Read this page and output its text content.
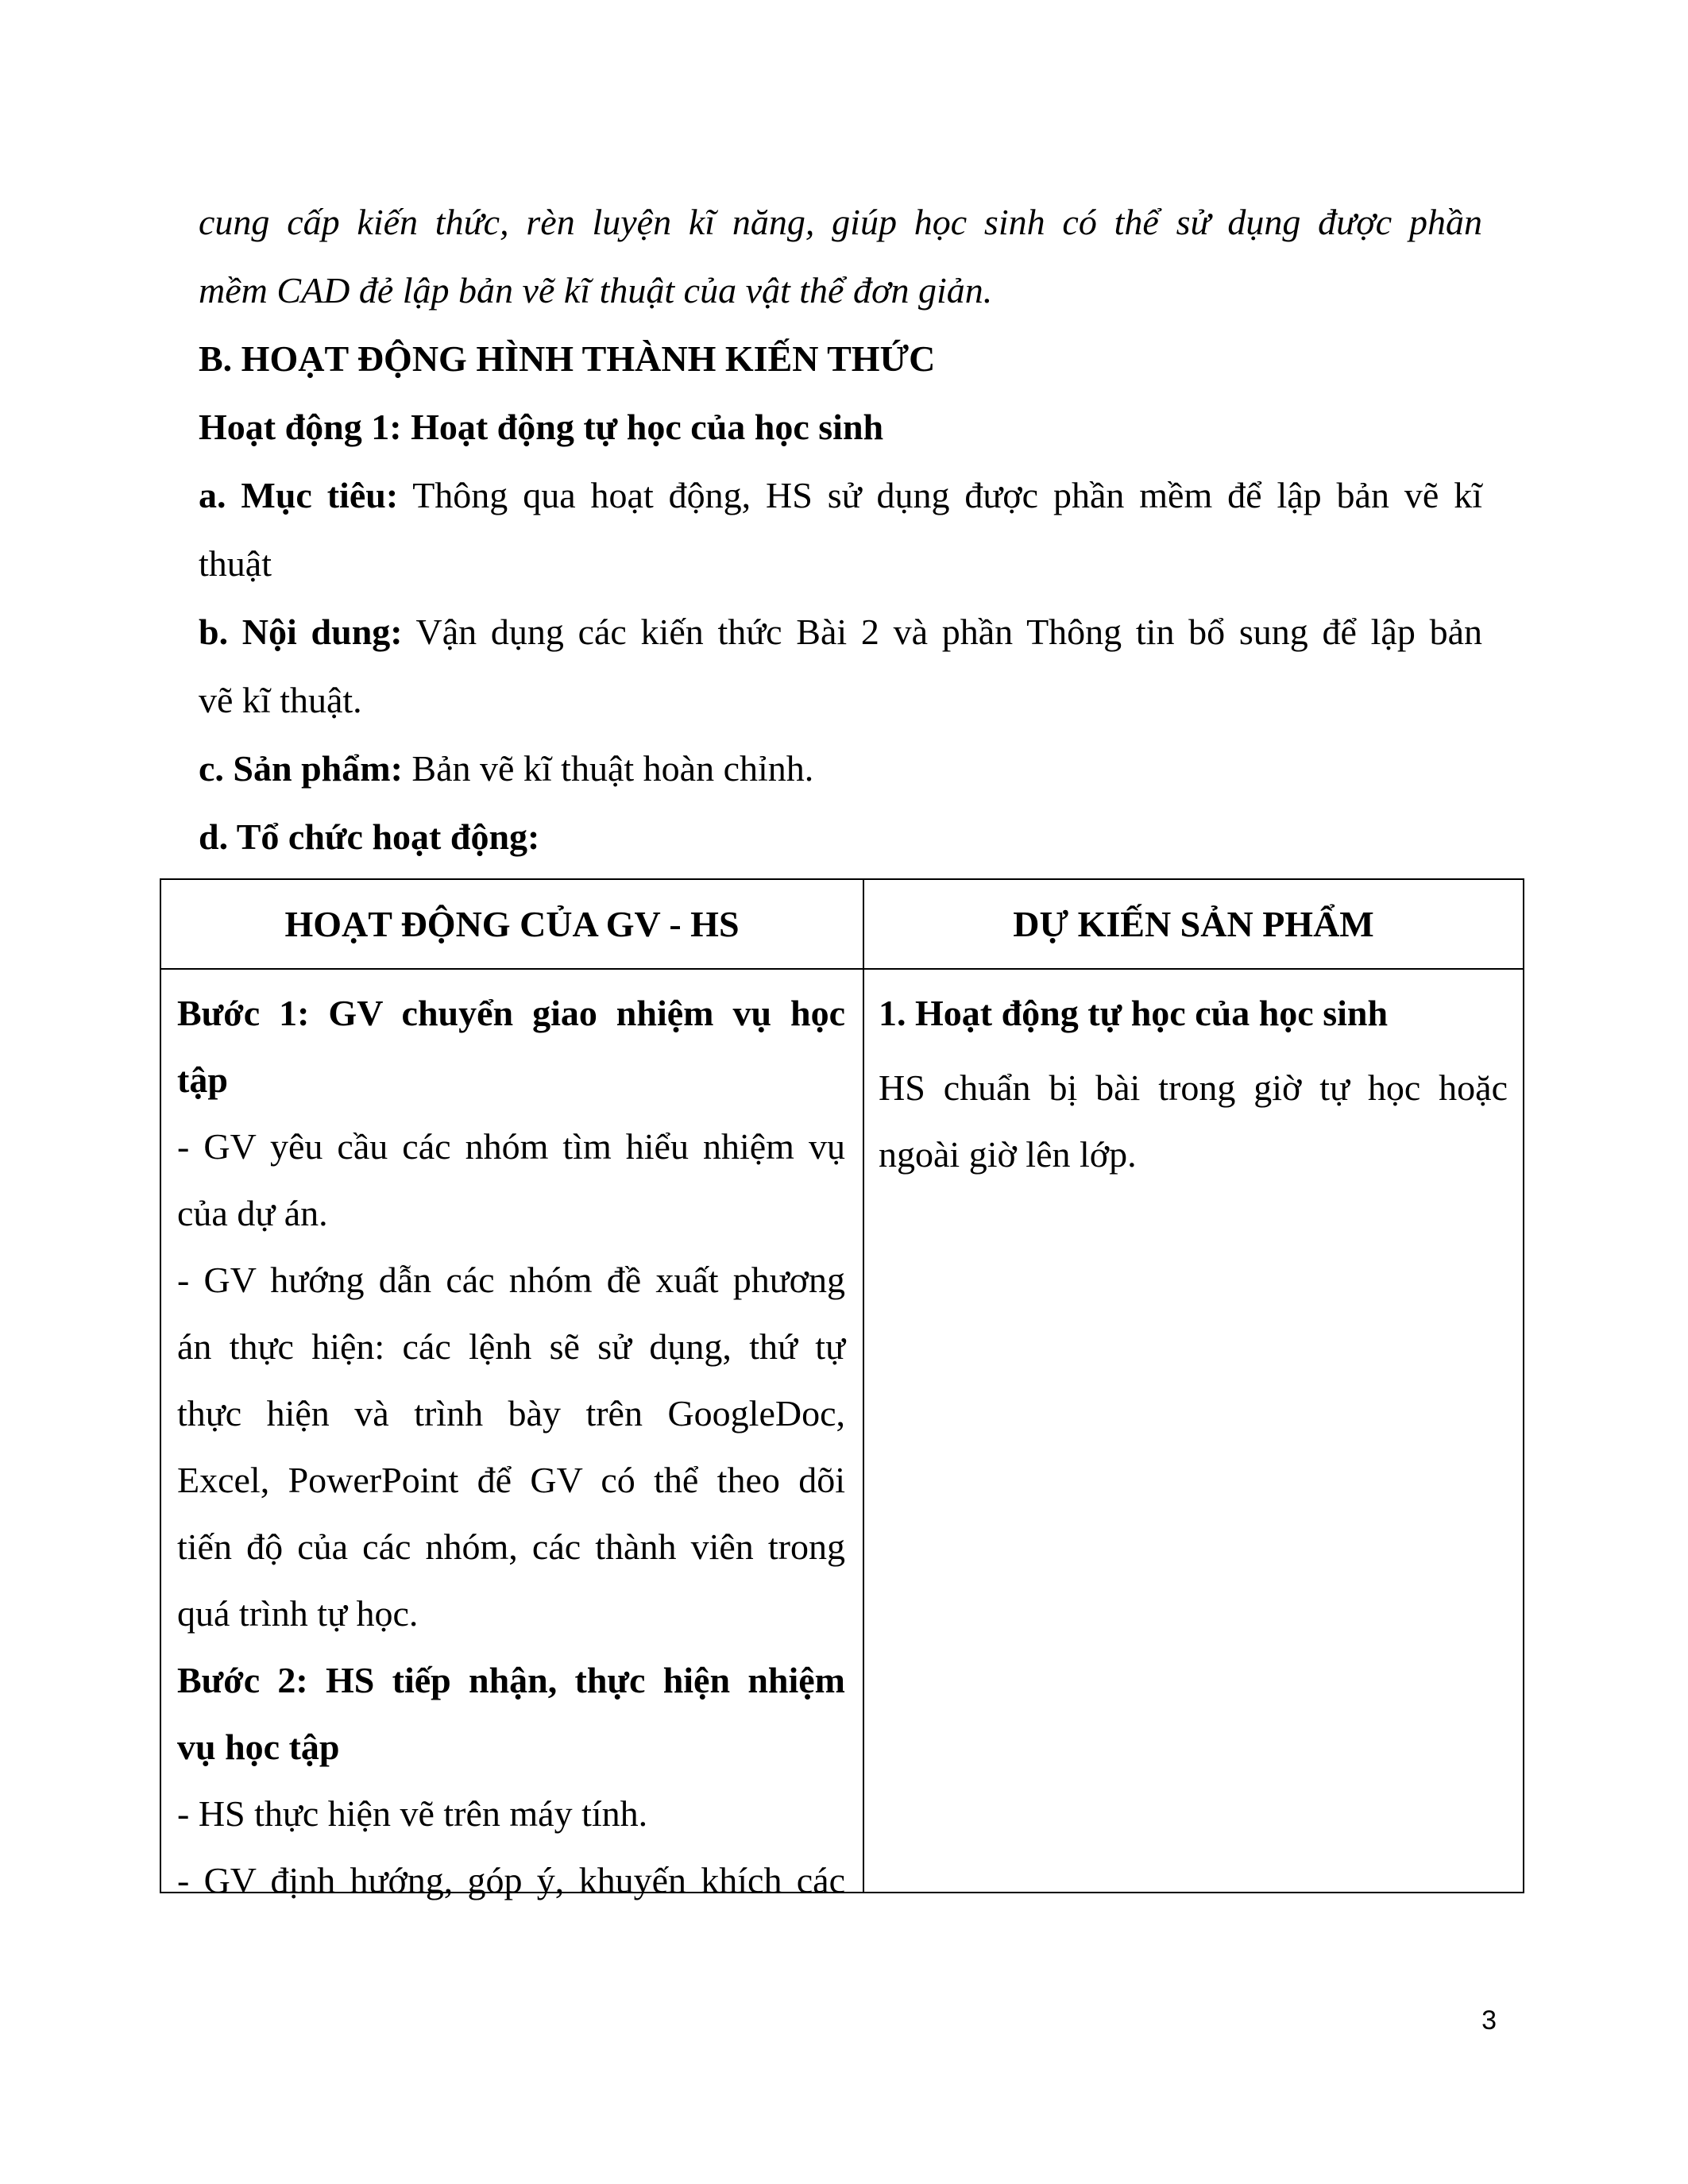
cung cấp kiến thức, rèn luyện kĩ năng, giúp học sinh có thể sử dụng được phần
mềm CAD đẻ lập bản vẽ kĩ thuật của vật thể đơn giản.
B. HOẠT ĐỘNG HÌNH THÀNH KIẾN THỨC
Hoạt động 1: Hoạt động tự học của học sinh
a. Mục tiêu: Thông qua hoạt động, HS sử dụng được phần mềm để lập bản vẽ kĩ
thuật
b. Nội dung: Vận dụng các kiến thức Bài 2 và phần Thông tin bổ sung để lập bản
vẽ kĩ thuật.
c. Sản phẩm: Bản vẽ kĩ thuật hoàn chỉnh.
d. Tổ chức hoạt động:
HOẠT ĐỘNG CỦA GV - HS	DỰ KIẾN SẢN PHẨM
Bước 1: GV chuyển giao nhiệm vụ học
tập
- GV yêu cầu các nhóm tìm hiểu nhiệm vụ
của dự án.
- GV hướng dẫn các nhóm đề xuất phương
án thực hiện: các lệnh sẽ sử dụng, thứ tự
thực hiện và trình bày trên GoogleDoc,
Excel, PowerPoint để GV có thể theo dõi
tiến độ của các nhóm, các thành viên trong
quá trình tự học.
Bước 2: HS tiếp nhận, thực hiện nhiệm
vụ học tập
- HS thực hiện vẽ trên máy tính.
- GV định hướng, góp ý, khuyến khích các
1. Hoạt động tự học của học sinh
HS chuẩn bị bài trong giờ tự học hoặc
ngoài giờ lên lớp.
3
